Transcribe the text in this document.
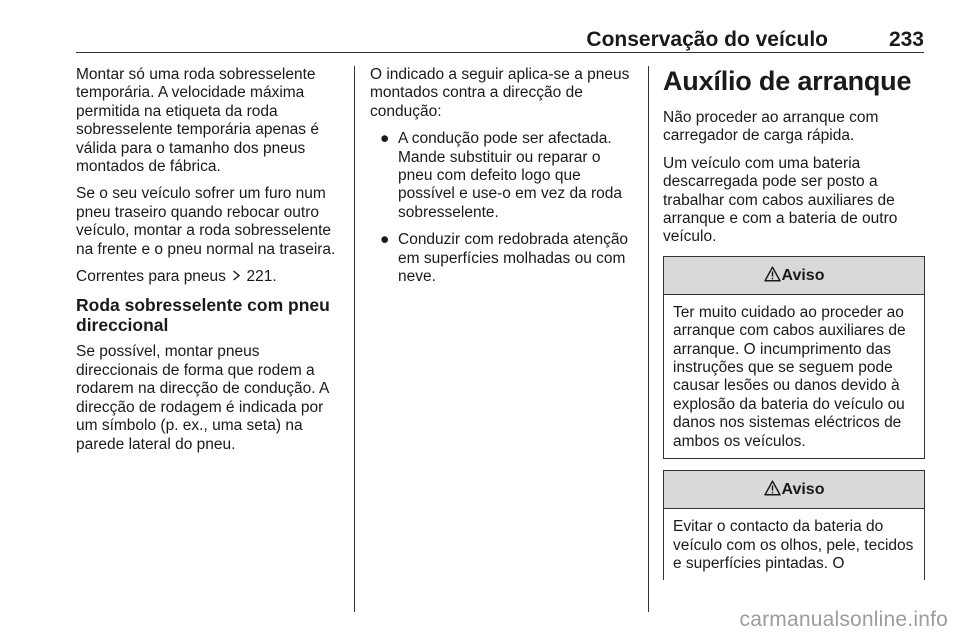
Conservação do veículo	233

Montar só uma roda sobresselente temporária. A velocidade máxima permitida na etiqueta da roda sobresselente temporária apenas é válida para o tamanho dos pneus montados de fábrica.

Se o seu veículo sofrer um furo num pneu traseiro quando rebocar outro veículo, montar a roda sobresselente na frente e o pneu normal na traseira.

Correntes para pneus 221.

Roda sobresselente com pneu direccional

Se possível, montar pneus direccionais de forma que rodem a rodarem na direcção de condução. A direcção de rodagem é indicada por um símbolo (p. ex., uma seta) na parede lateral do pneu.

O indicado a seguir aplica-se a pneus montados contra a direcção de condução:

● A condução pode ser afectada. Mande substituir ou reparar o pneu com defeito logo que possível e use-o em vez da roda sobresselente.
● Conduzir com redobrada atenção em superfícies molhadas ou com neve.
Auxílio de arranque

Não proceder ao arranque com carregador de carga rápida.

Um veículo com uma bateria descarregada pode ser posto a trabalhar com cabos auxiliares de arranque e com a bateria de outro veículo.

Aviso
Ter muito cuidado ao proceder ao arranque com cabos auxiliares de arranque. O incumprimento das instruções que se seguem pode causar lesões ou danos devido à explosão da bateria do veículo ou danos nos sistemas eléctricos de ambos os veículos.
Aviso
Evitar o contacto da bateria do veículo com os olhos, pele, tecidos e superfícies pintadas. O
carmanualsonline.info
